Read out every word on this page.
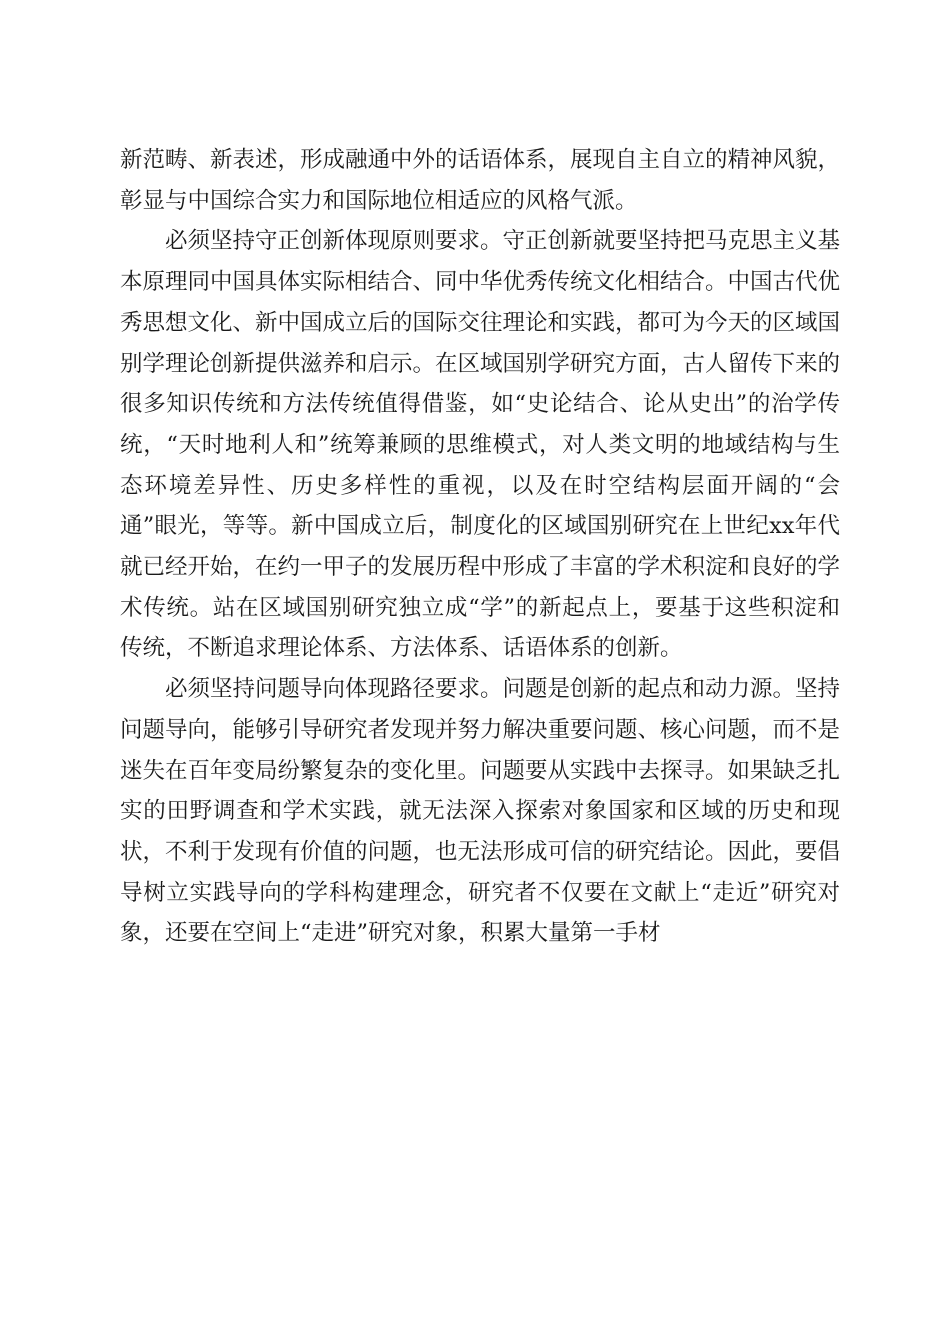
新范畴、新表述，形成融通中外的话语体系，展现自主自立的精神风貌，彰显与中国综合实力和国际地位相适应的风格气派。

必须坚持守正创新体现原则要求。守正创新就要坚持把马克思主义基本原理同中国具体实际相结合、同中华优秀传统文化相结合。中国古代优秀思想文化、新中国成立后的国际交往理论和实践，都可为今天的区域国别学理论创新提供滋养和启示。在区域国别学研究方面，古人留传下来的很多知识传统和方法传统值得借鉴，如“史论结合、论从史出”的治学传统，“天时地利人和”统筹兼顾的思维模式，对人类文明的地域结构与生态环境差异性、历史多样性的重视，以及在时空结构层面开阔的“会通”眼光，等等。新中国成立后，制度化的区域国别研究在上世纪xx年代就已经开始，在约一甲子的发展历程中形成了丰富的学术积淀和良好的学术传统。站在区域国别研究独立成“学”的新起点上，要基于这些积淀和传统，不断追求理论体系、方法体系、话语体系的创新。

必须坚持问题导向体现路径要求。问题是创新的起点和动力源。坚持问题导向，能够引导研究者发现并努力解决重要问题、核心问题，而不是迷失在百年变局纷繁复杂的变化里。问题要从实践中去探寻。如果缺乏扎实的田野调查和学术实践，就无法深入探索对象国家和区域的历史和现状，不利于发现有价值的问题，也无法形成可信的研究结论。因此，要倡导树立实践导向的学科构建理念，研究者不仅要在文献上“走近”研究对象，还要在空间上“走进”研究对象，积累大量第一手材
